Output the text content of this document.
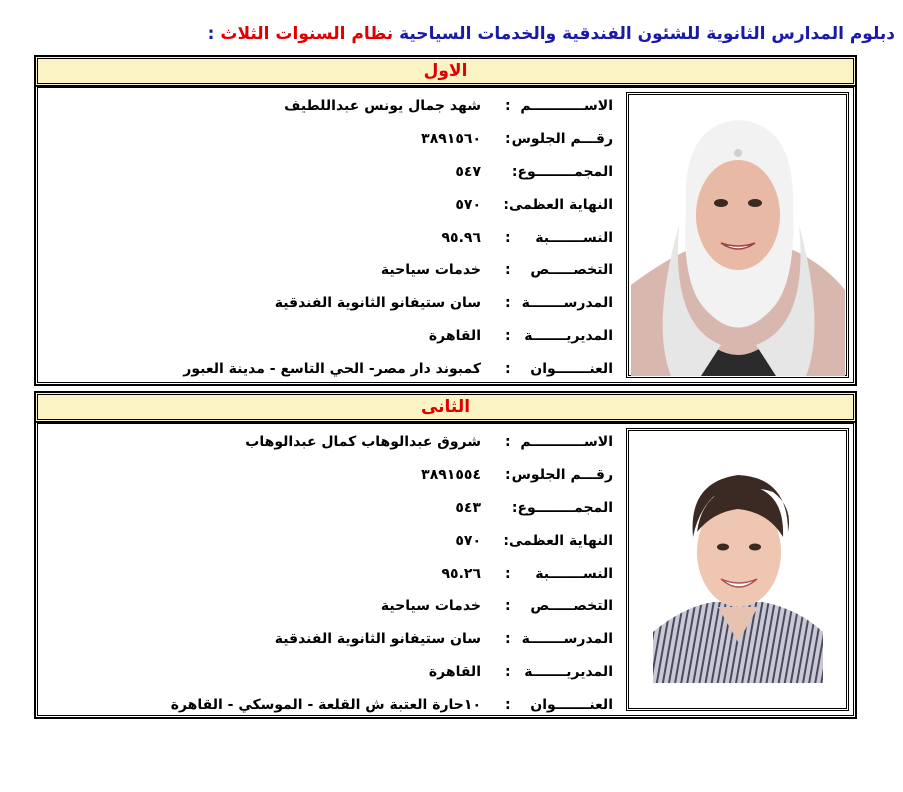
دبلوم المدارس الثانوية للشئون الفندقية والخدمات السياحية نظام السنوات الثلاث :
الاول
الاســـــــــــم
:
شهد جمال يونس عبداللطيف
رقـــم الجلوس
:
٣٨٩١٥٦٠
المجمــــــــوع:
٥٤٧
النهاية العظمى
:
٥٧٠
النســـــــبة
:
٩٥.٩٦
التخصـــــص
:
خدمات سياحية
المدرســـــــة
:
سان ستيفانو الثانوية الفندقية
المديريـــــــة
:
القاهرة
العنـــــــوان
:
كمبوند دار مصر- الحي التاسع - مدينة العبور
الثانى
الاســـــــــــم
:
شروق عبدالوهاب كمال عبدالوهاب
رقـــم الجلوس
:
٣٨٩١٥٥٤
المجمــــــــوع:
٥٤٣
النهاية العظمى
:
٥٧٠
النســـــــبة
:
٩٥.٢٦
التخصـــــص
:
خدمات سياحية
المدرســـــــة
:
سان ستيفانو الثانوية الفندقية
المديريـــــــة
:
القاهرة
العنـــــــوان
:
١٠حارة العتبة ش القلعة - الموسكي - القاهرة
